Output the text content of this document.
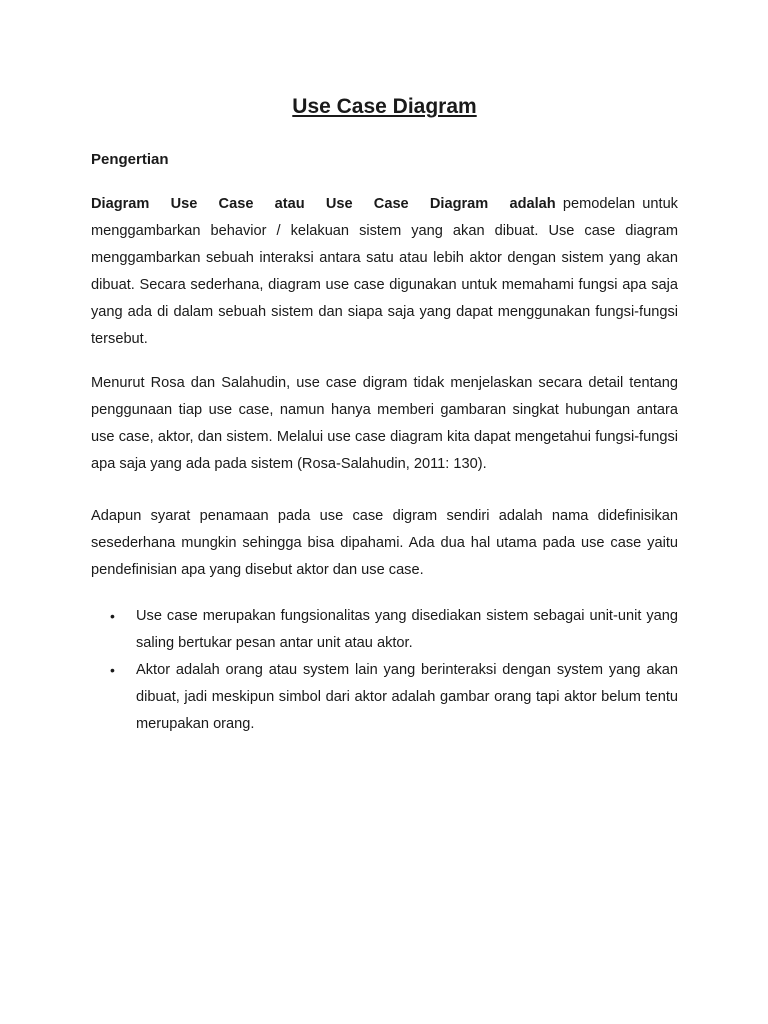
Use Case Diagram
Pengertian

Diagram Use Case atau Use Case Diagram adalah pemodelan untuk menggambarkan behavior / kelakuan sistem yang akan dibuat. Use case diagram menggambarkan sebuah interaksi antara satu atau lebih aktor dengan sistem yang akan dibuat. Secara sederhana, diagram use case digunakan untuk memahami fungsi apa saja yang ada di dalam sebuah sistem dan siapa saja yang dapat menggunakan fungsi-fungsi tersebut.

Menurut Rosa dan Salahudin, use case digram tidak menjelaskan secara detail tentang penggunaan tiap use case, namun hanya memberi gambaran singkat hubungan antara use case, aktor, dan sistem. Melalui use case diagram kita dapat mengetahui fungsi-fungsi apa saja yang ada pada sistem (Rosa-Salahudin, 2011: 130).

Adapun syarat penamaan pada use case digram sendiri adalah nama didefinisikan sesederhana mungkin sehingga bisa dipahami. Ada dua hal utama pada use case yaitu pendefinisian apa yang disebut aktor dan use case.

• Use case merupakan fungsionalitas yang disediakan sistem sebagai unit-unit yang saling bertukar pesan antar unit atau aktor.
• Aktor adalah orang atau system lain yang berinteraksi dengan system yang akan dibuat, jadi meskipun simbol dari aktor adalah gambar orang tapi aktor belum tentu merupakan orang.
